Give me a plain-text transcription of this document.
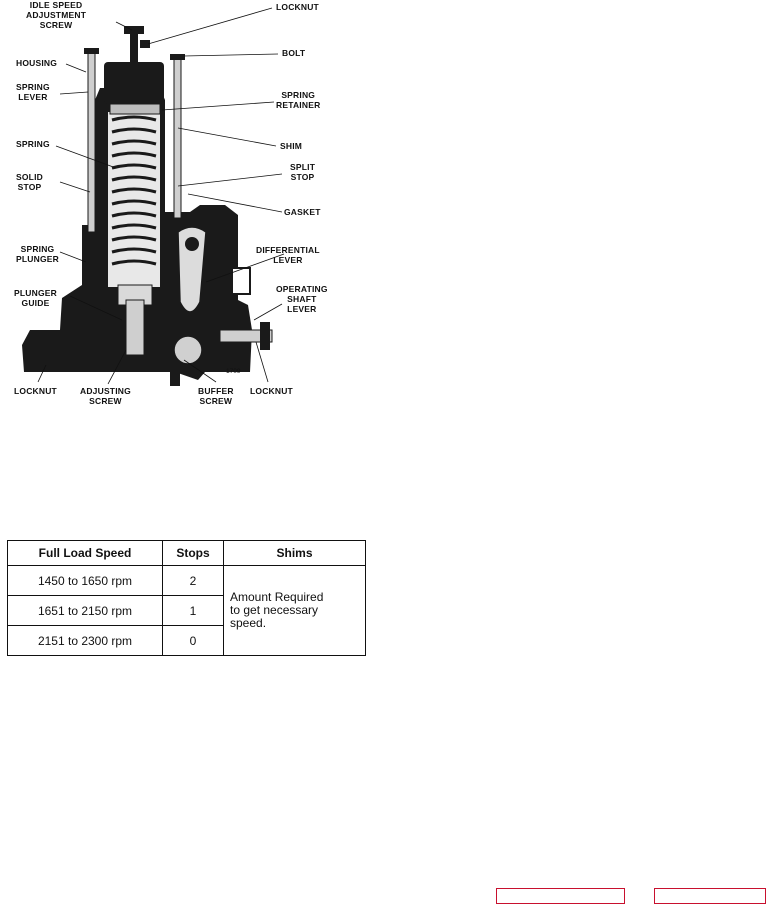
IDLE SPEED
ADJUSTMENT
SCREW
LOCKNUT
BOLT
HOUSING
SPRING
LEVER	SPRING
RETAINER
SHIM
SPRING
SPLIT
STOP
SOLID
STOP
GASKET
SPRING
PLUNGER
DIFFERENTIAL
LEVER
PLUNGER
GUIDE
OPERATING
SHAFT
LEVER
1709
LOCKNUT	ADJUSTING
SCREW
BUFFER
SCREW
LOCKNUT
Full Load Speed	Stops	Shims
1450 to 1650 rpm	2	Amount Required
to get necessary
speed.

1651 to 2150 rpm	1	
2151 to 2300 rpm	0	
